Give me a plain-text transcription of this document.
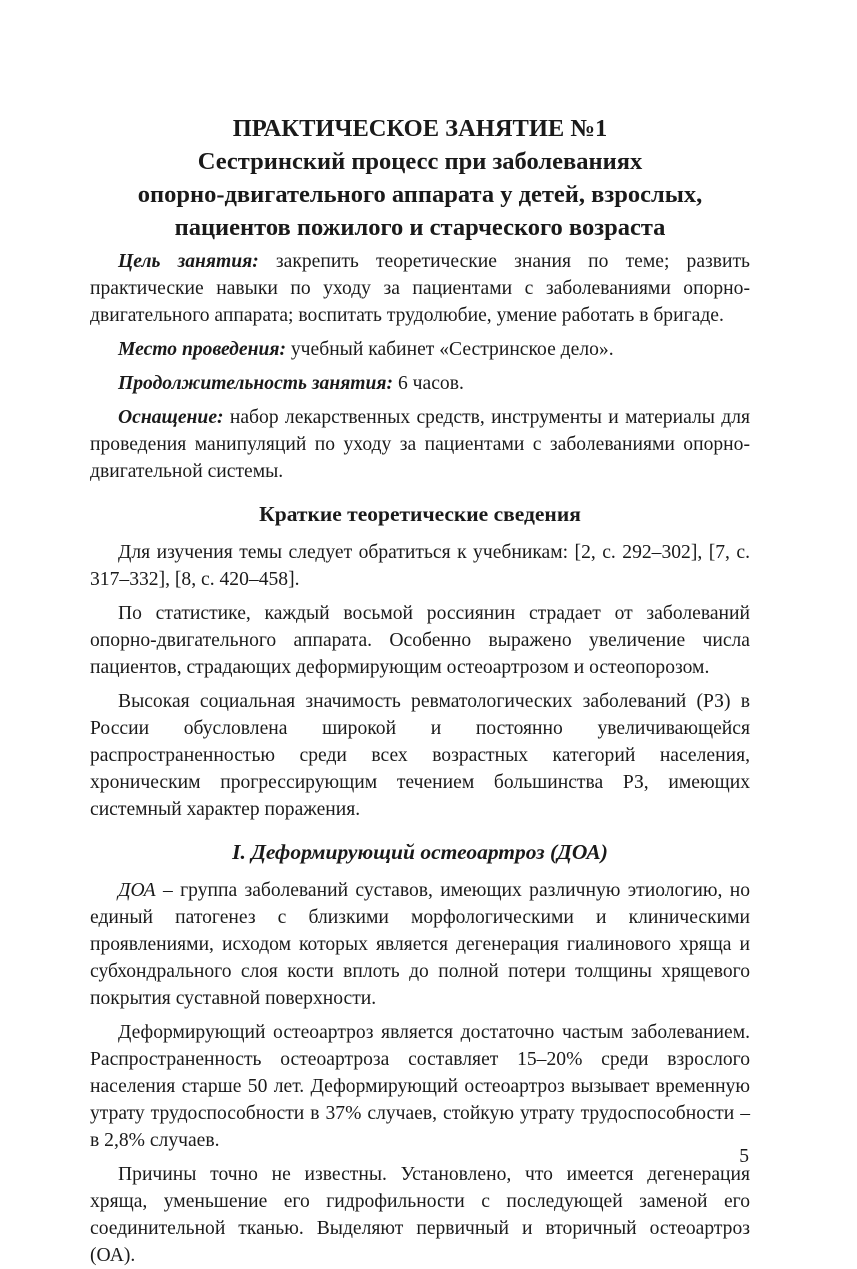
ПРАКТИЧЕСКОЕ ЗАНЯТИЕ №1
Сестринский процесс при заболеваниях
опорно-двигательного аппарата у детей, взрослых,
пациентов пожилого и старческого возраста

Цель занятия: закрепить теоретические знания по теме; развить практические навыки по уходу за пациентами с заболеваниями опорно-двигательного аппарата; воспитать трудолюбие, умение работать в бригаде.

Место проведения: учебный кабинет «Сестринское дело».

Продолжительность занятия: 6 часов.

Оснащение: набор лекарственных средств, инструменты и материалы для проведения манипуляций по уходу за пациентами с заболеваниями опорно-двигательной системы.

Краткие теоретические сведения

Для изучения темы следует обратиться к учебникам: [2, с. 292–302], [7, с. 317–332], [8, с. 420–458].

По статистике, каждый восьмой россиянин страдает от заболеваний опорно-двигательного аппарата. Особенно выражено увеличение числа пациентов, страдающих деформирующим остеоартрозом и остеопорозом.

Высокая социальная значимость ревматологических заболеваний (РЗ) в России обусловлена широкой и постоянно увеличивающейся распространенностью среди всех возрастных категорий населения, хроническим прогрессирующим течением большинства РЗ, имеющих системный характер поражения.

I. Деформирующий остеоартроз (ДОА)

ДОА – группа заболеваний суставов, имеющих различную этиологию, но единый патогенез с близкими морфологическими и клиническими проявлениями, исходом которых является дегенерация гиалинового хряща и субхондрального слоя кости вплоть до полной потери толщины хрящевого покрытия суставной поверхности.

Деформирующий остеоартроз является достаточно частым заболеванием. Распространенность остеоартроза составляет 15–20% среди взрослого населения старше 50 лет. Деформирующий остеоартроз вызывает временную утрату трудоспособности в 37% случаев, стойкую утрату трудоспособности – в 2,8% случаев.

Причины точно не известны. Установлено, что имеется дегенерация хряща, уменьшение его гидрофильности с последующей заменой его соединительной тканью. Выделяют первичный и вторичный остеоартроз (ОА).

5
